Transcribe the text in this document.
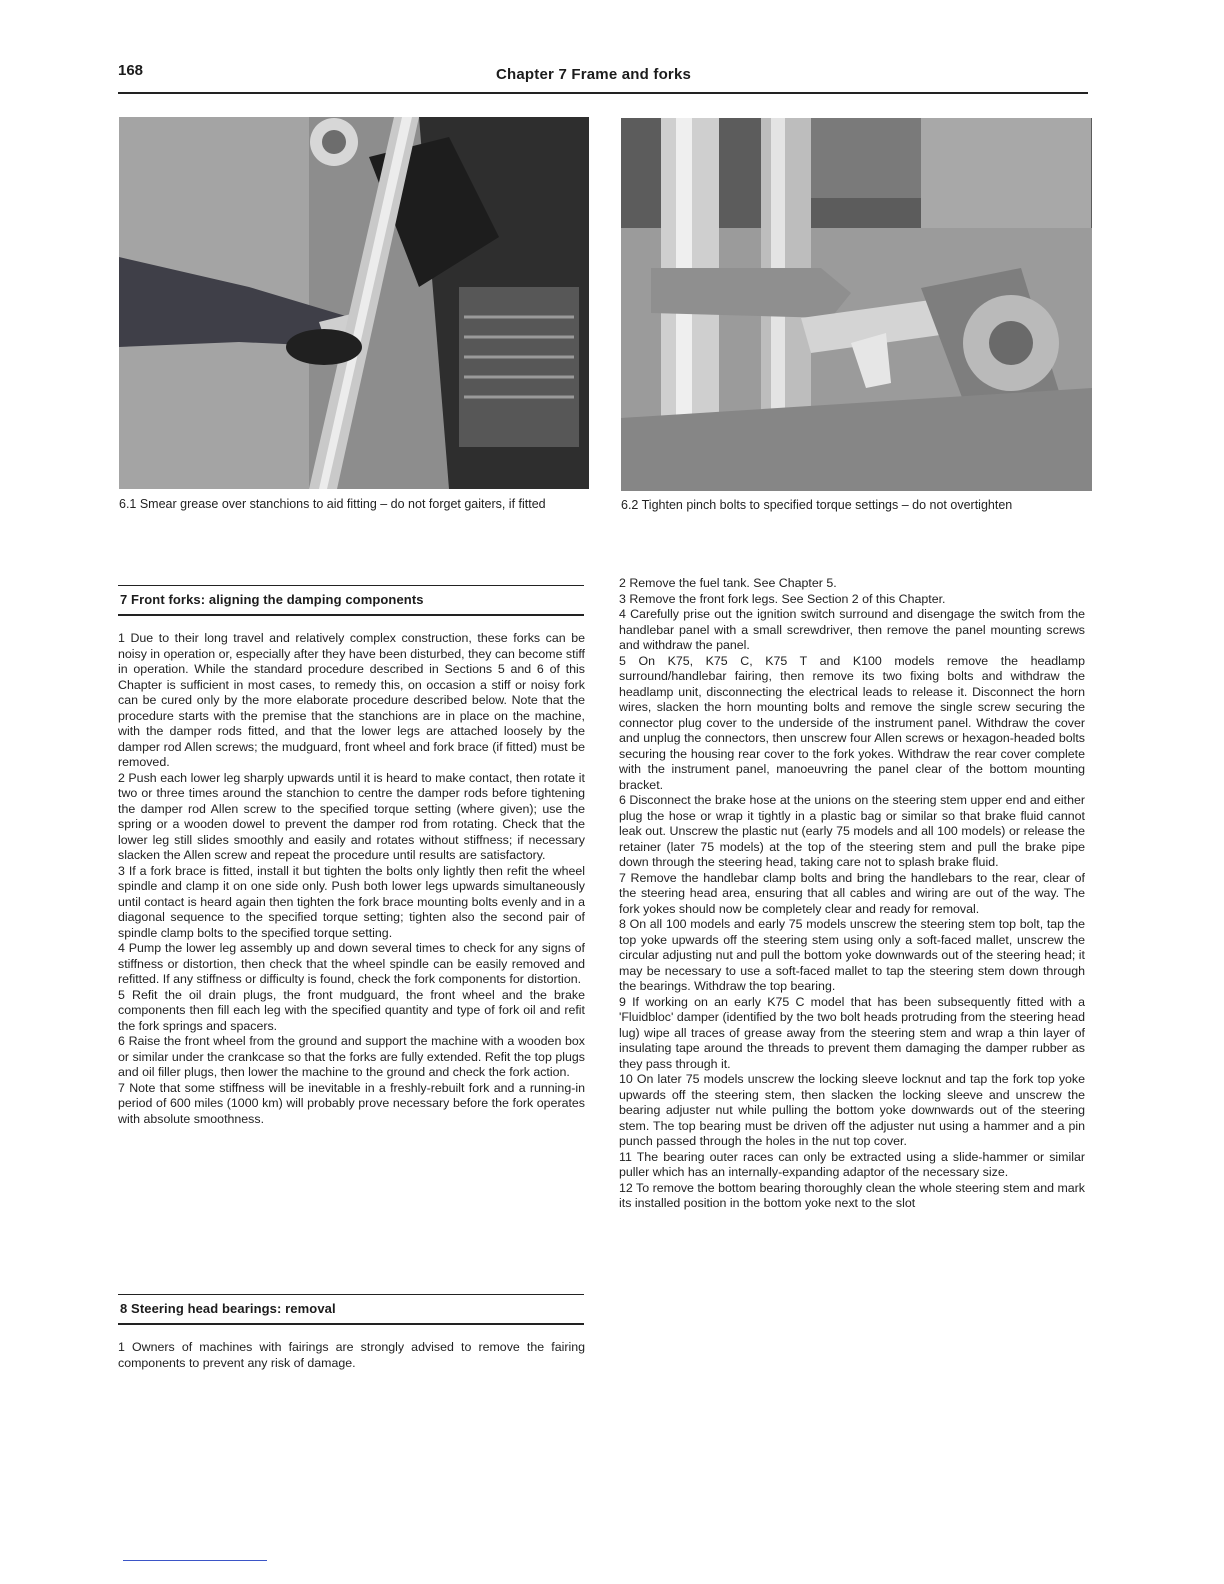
168	Chapter 7 Frame and forks
6.1 Smear grease over stanchions to aid fitting – do not forget gaiters, if fitted	6.2 Tighten pinch bolts to specified torque settings – do not overtighten
7 Front forks: aligning the damping components

1 Due to their long travel and relatively complex construction, these forks can be noisy in operation or, especially after they have been disturbed, they can become stiff in operation. While the standard procedure described in Sections 5 and 6 of this Chapter is sufficient in most cases, to remedy this, on occasion a stiff or noisy fork can be cured only by the more elaborate procedure described below. Note that the procedure starts with the premise that the stanchions are in place on the machine, with the damper rods fitted, and that the lower legs are attached loosely by the damper rod Allen screws; the mudguard, front wheel and fork brace (if fitted) must be removed.

2 Push each lower leg sharply upwards until it is heard to make contact, then rotate it two or three times around the stanchion to centre the damper rods before tightening the damper rod Allen screw to the specified torque setting (where given); use the spring or a wooden dowel to prevent the damper rod from rotating. Check that the lower leg still slides smoothly and easily and rotates without stiffness; if necessary slacken the Allen screw and repeat the procedure until results are satisfactory.

3 If a fork brace is fitted, install it but tighten the bolts only lightly then refit the wheel spindle and clamp it on one side only. Push both lower legs upwards simultaneously until contact is heard again then tighten the fork brace mounting bolts evenly and in a diagonal sequence to the specified torque setting; tighten also the second pair of spindle clamp bolts to the specified torque setting.

4 Pump the lower leg assembly up and down several times to check for any signs of stiffness or distortion, then check that the wheel spindle can be easily removed and refitted. If any stiffness or difficulty is found, check the fork components for distortion.

5 Refit the oil drain plugs, the front mudguard, the front wheel and the brake components then fill each leg with the specified quantity and type of fork oil and refit the fork springs and spacers.

6 Raise the front wheel from the ground and support the machine with a wooden box or similar under the crankcase so that the forks are fully extended. Refit the top plugs and oil filler plugs, then lower the machine to the ground and check the fork action.

7 Note that some stiffness will be inevitable in a freshly-rebuilt fork and a running-in period of 600 miles (1000 km) will probably prove necessary before the fork operates with absolute smoothness.

8 Steering head bearings: removal

1 Owners of machines with fairings are strongly advised to remove the fairing components to prevent any risk of damage.

2 Remove the fuel tank. See Chapter 5.

3 Remove the front fork legs. See Section 2 of this Chapter.

4 Carefully prise out the ignition switch surround and disengage the switch from the handlebar panel with a small screwdriver, then remove the panel mounting screws and withdraw the panel.

5 On K75, K75 C, K75 T and K100 models remove the headlamp surround/handlebar fairing, then remove its two fixing bolts and withdraw the headlamp unit, disconnecting the electrical leads to release it. Disconnect the horn wires, slacken the horn mounting bolts and remove the single screw securing the connector plug cover to the underside of the instrument panel. Withdraw the cover and unplug the connectors, then unscrew four Allen screws or hexagon-headed bolts securing the housing rear cover to the fork yokes. Withdraw the rear cover complete with the instrument panel, manoeuvring the panel clear of the bottom mounting bracket.

6 Disconnect the brake hose at the unions on the steering stem upper end and either plug the hose or wrap it tightly in a plastic bag or similar so that brake fluid cannot leak out. Unscrew the plastic nut (early 75 models and all 100 models) or release the retainer (later 75 models) at the top of the steering stem and pull the brake pipe down through the steering head, taking care not to splash brake fluid.

7 Remove the handlebar clamp bolts and bring the handlebars to the rear, clear of the steering head area, ensuring that all cables and wiring are out of the way. The fork yokes should now be completely clear and ready for removal.

8 On all 100 models and early 75 models unscrew the steering stem top bolt, tap the top yoke upwards off the steering stem using only a soft-faced mallet, unscrew the circular adjusting nut and pull the bottom yoke downwards out of the steering head; it may be necessary to use a soft-faced mallet to tap the steering stem down through the bearings. Withdraw the top bearing.

9 If working on an early K75 C model that has been subsequently fitted with a 'Fluidbloc' damper (identified by the two bolt heads protruding from the steering head lug) wipe all traces of grease away from the steering stem and wrap a thin layer of insulating tape around the threads to prevent them damaging the damper rubber as they pass through it.

10 On later 75 models unscrew the locking sleeve locknut and tap the fork top yoke upwards off the steering stem, then slacken the locking sleeve and unscrew the bearing adjuster nut while pulling the bottom yoke downwards out of the steering stem. The top bearing must be driven off the adjuster nut using a hammer and a pin punch passed through the holes in the nut top cover.

11 The bearing outer races can only be extracted using a slide-hammer or similar puller which has an internally-expanding adaptor of the necessary size.

12 To remove the bottom bearing thoroughly clean the whole steering stem and mark its installed position in the bottom yoke next to the slot
